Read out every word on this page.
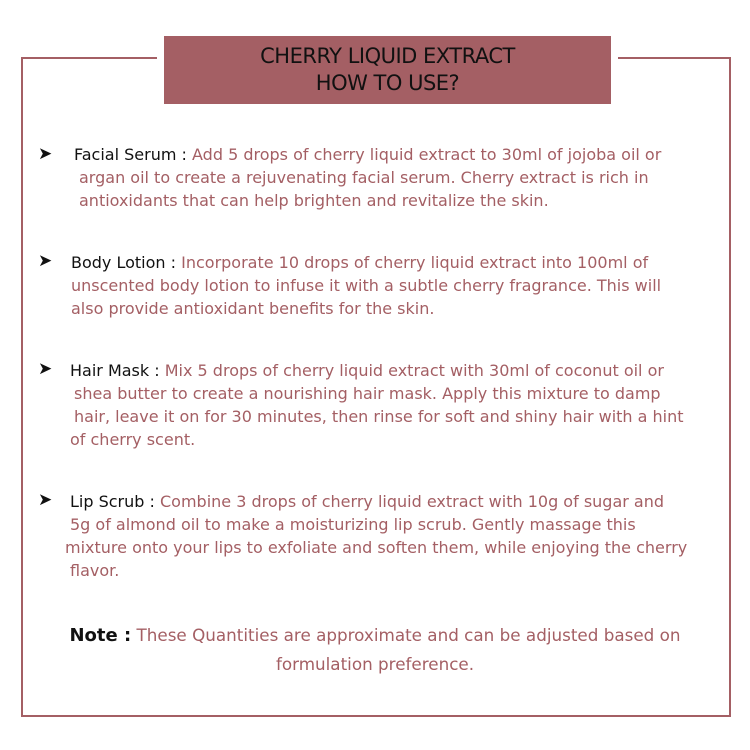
CHERRY LIQUID EXTRACT
HOW TO USE?
➤ Facial Serum : Add 5 drops of cherry liquid extract to 30ml of jojoba oil or
argan oil to create a rejuvenating facial serum. Cherry extract is rich in
antioxidants that can help brighten and revitalize the skin.
➤ Body Lotion : Incorporate 10 drops of cherry liquid extract into 100ml of
unscented body lotion to infuse it with a subtle cherry fragrance. This will
also provide antioxidant benefits for the skin.
➤ Hair Mask : Mix 5 drops of cherry liquid extract with 30ml of coconut oil or
shea butter to create a nourishing hair mask. Apply this mixture to damp
hair, leave it on for 30 minutes, then rinse for soft and shiny hair with a hint
of cherry scent.
➤ Lip Scrub : Combine 3 drops of cherry liquid extract with 10g of sugar and
5g of almond oil to make a moisturizing lip scrub. Gently massage this
mixture onto your lips to exfoliate and soften them, while enjoying the cherry
flavor.
Note : These Quantities are approximate and can be adjusted based on
formulation preference.
